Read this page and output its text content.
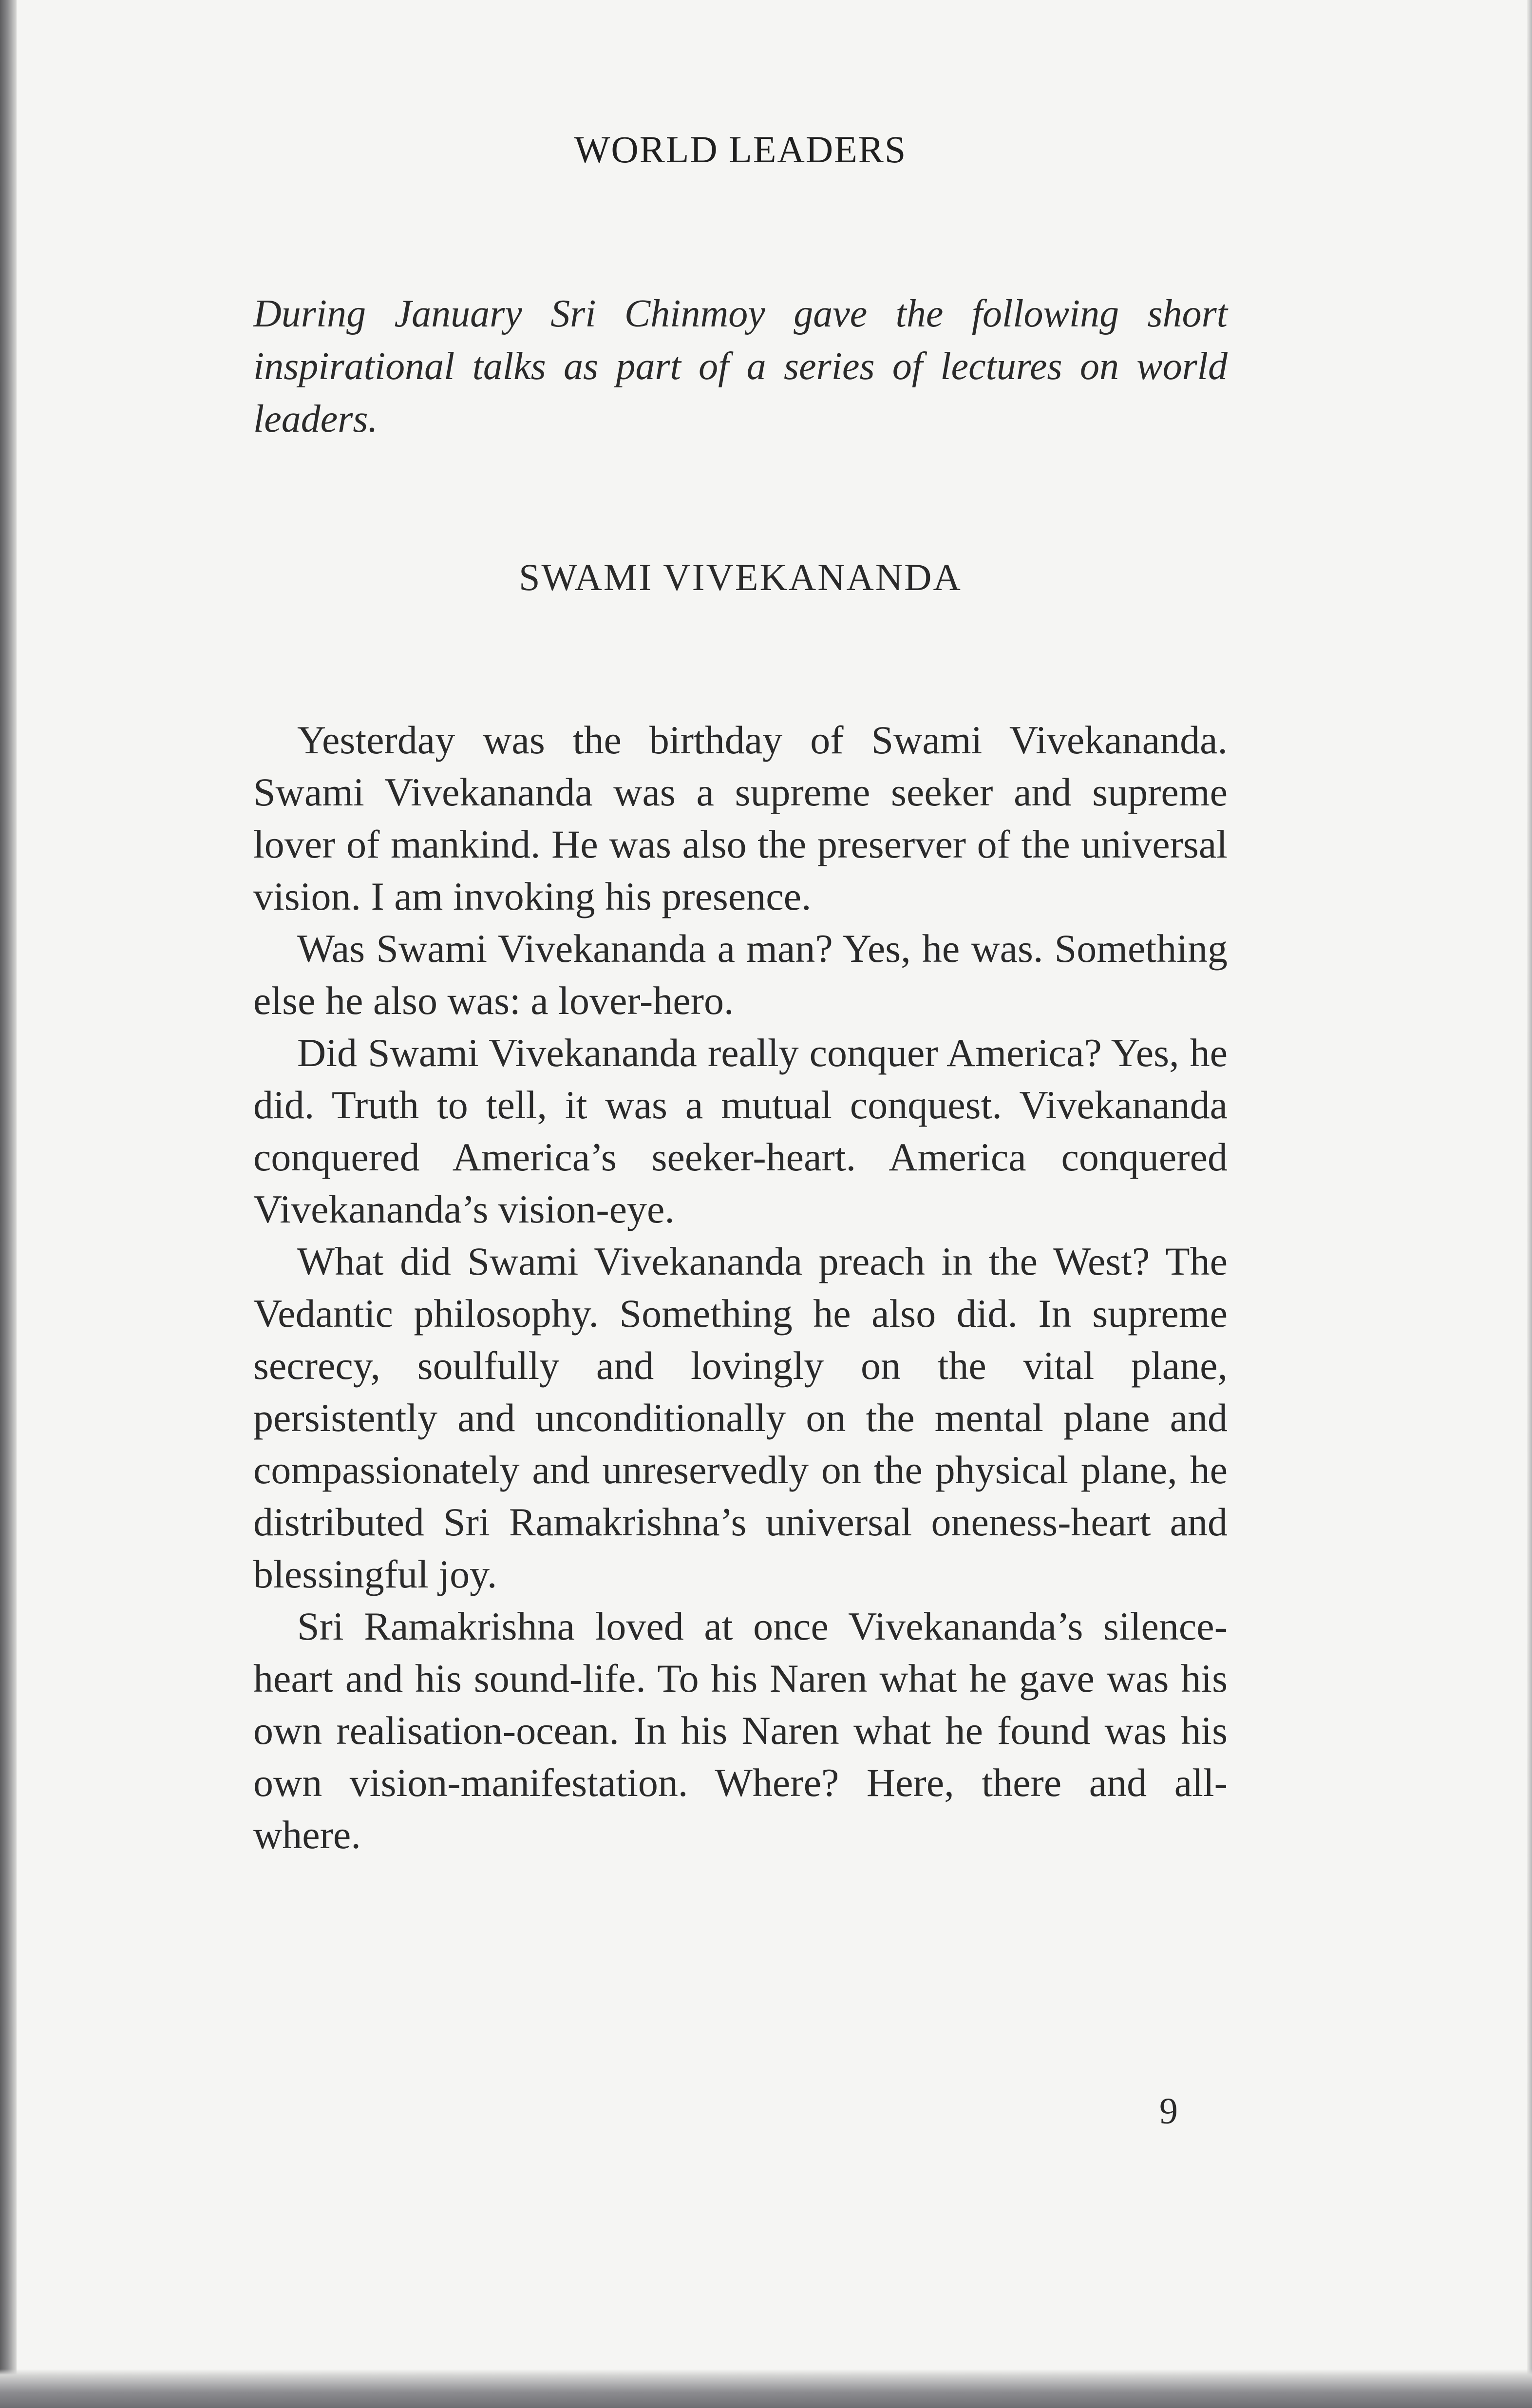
WORLD LEADERS

During January Sri Chinmoy gave the following short inspirational talks as part of a series of lectures on world leaders.

SWAMI VIVEKANANDA

Yesterday was the birthday of Swami Vivekananda. Swami Vivekananda was a supreme seeker and supreme lover of mankind. He was also the preserver of the universal vision. I am invoking his presence.

Was Swami Vivekananda a man? Yes, he was. Something else he also was: a lover-hero.

Did Swami Vivekananda really conquer America? Yes, he did. Truth to tell, it was a mutual conquest. Vivekananda conquered America’s seeker-heart. America conquered Vivekananda’s vision-eye.

What did Swami Vivekananda preach in the West? The Vedantic philosophy. Something he also did. In supreme secrecy, soulfully and lovingly on the vital plane, persistently and unconditionally on the mental plane and compassionately and unreservedly on the physical plane, he distributed Sri Ramakrishna’s universal oneness-heart and blessingful joy.

Sri Ramakrishna loved at once Vivekananda’s silence-heart and his sound-life. To his Naren what he gave was his own realisation-ocean. In his Naren what he found was his own vision-manifestation. Where? Here, there and all-where.

9
